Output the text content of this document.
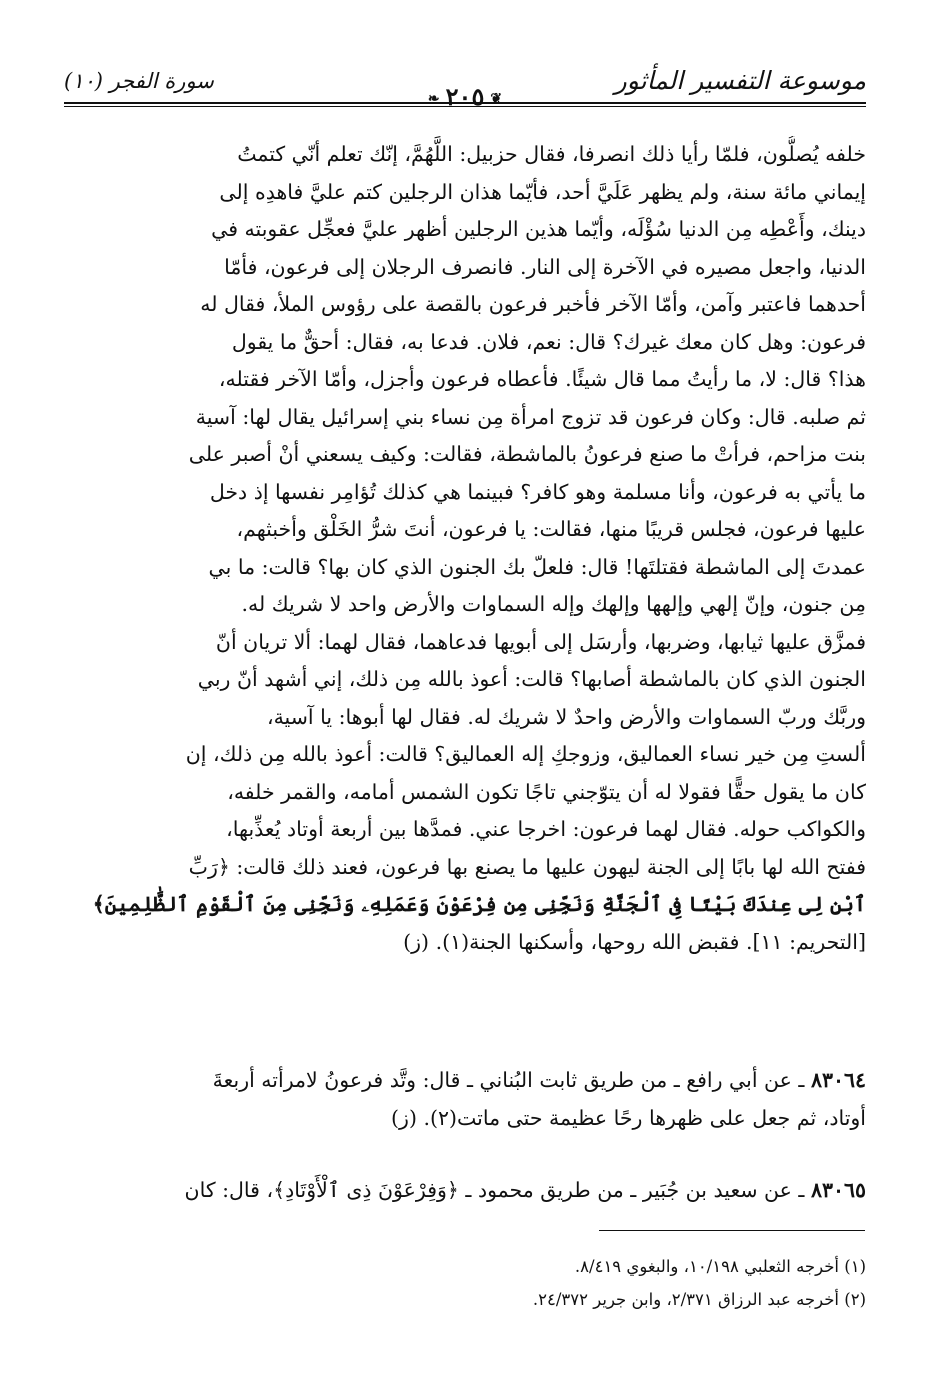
موسوعة التفسير المأثور
❦٢٠٥❧
سورة الفجر (١٠)
خلفه يُصلُّون، فلمّا رأيا ذلك انصرفا، فقال حزبيل: اللَّهُمَّ، إنّك تعلم أنّي كتمتُ
إيماني مائة سنة، ولم يظهر عَلَيَّ أحد، فأيّما هذان الرجلين كتم عليَّ فاهدِه إلى
دينك، وأَعْطِه مِن الدنيا سُؤْلَه، وأيّما هذين الرجلين أظهر عليَّ فعجِّل عقوبته في
الدنيا، واجعل مصيره في الآخرة إلى النار. فانصرف الرجلان إلى فرعون، فأمّا
أحدهما فاعتبر وآمن، وأمّا الآخر فأخبر فرعون بالقصة على رؤوس الملأ، فقال له
فرعون: وهل كان معك غيرك؟ قال: نعم، فلان. فدعا به، فقال: أحقٌّ ما يقول
هذا؟ قال: لا، ما رأيتُ مما قال شيئًا. فأعطاه فرعون وأجزل، وأمّا الآخر فقتله،
ثم صلبه. قال: وكان فرعون قد تزوج امرأة مِن نساء بني إسرائيل يقال لها: آسية
بنت مزاحم، فرأتْ ما صنع فرعونُ بالماشطة، فقالت: وكيف يسعني أنْ أصبر على
ما يأتي به فرعون، وأنا مسلمة وهو كافر؟ فبينما هي كذلك تُؤامِر نفسها إذ دخل
عليها فرعون، فجلس قريبًا منها، فقالت: يا فرعون، أنتَ شرُّ الخَلْق وأخبثهم،
عمدتَ إلى الماشطة فقتلتَها! قال: فلعلّ بك الجنون الذي كان بها؟ قالت: ما بي
مِن جنون، وإنّ إلهي وإلهها وإلهك وإله السماوات والأرض واحد لا شريك له.
فمزَّق عليها ثيابها، وضربها، وأرسَل إلى أبويها فدعاهما، فقال لهما: ألا تريان أنّ
الجنون الذي كان بالماشطة أصابها؟ قالت: أعوذ بالله مِن ذلك، إني أشهد أنّ ربي
وربَّك وربّ السماوات والأرض واحدٌ لا شريك له. فقال لها أبوها: يا آسية،
ألستِ مِن خير نساء العماليق، وزوجكِ إله العماليق؟ قالت: أعوذ بالله مِن ذلك، إن
كان ما يقول حقًّا فقولا له أن يتوّجني تاجًا تكون الشمس أمامه، والقمر خلفه،
والكواكب حوله. فقال لهما فرعون: اخرجا عني. فمدَّها بين أربعة أوتاد يُعذِّبها،
ففتح الله لها بابًا إلى الجنة ليهون عليها ما يصنع بها فرعون، فعند ذلك قالت: ﴿رَبِّ
ٱبْنِ لِى عِندَكَ بَيْتًا فِى ٱلْجَنَّةِ وَنَجِّنِى مِن فِرْعَوْنَ وَعَمَلِهِۦ وَنَجِّنِى مِنَ ٱلْقَوْمِ ٱلظَّٰلِمِينَ﴾
[التحريم: ١١]. فقبض الله روحها، وأسكنها الجنة(١). (ز)
٨٣٠٦٤ ـ عن أبي رافع ـ من طريق ثابت البُناني ـ قال: وتَّد فرعونُ لامرأته أربعةَ
أوتاد، ثم جعل على ظهرها رحًا عظيمة حتى ماتت(٢). (ز)
٨٣٠٦٥ ـ عن سعيد بن جُبَير ـ من طريق محمود ـ ﴿وَفِرْعَوْنَ ذِى ٱلْأَوْتَادِ﴾، قال: كان
(١) أخرجه الثعلبي ١٠/١٩٨، والبغوي ٨/٤١٩.
(٢) أخرجه عبد الرزاق ٢/٣٧١، وابن جرير ٢٤/٣٧٢.
